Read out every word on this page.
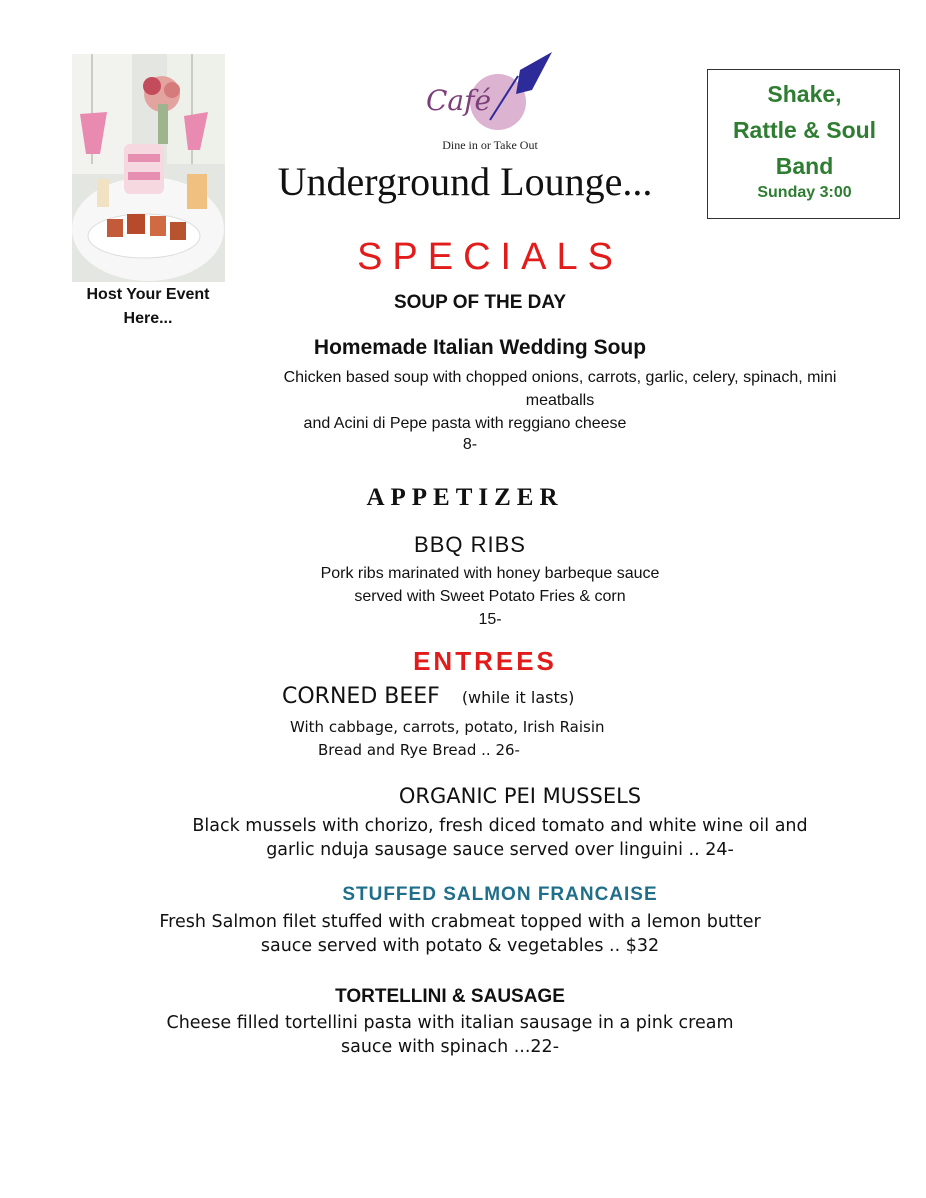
Host Your Event
Here...
Café
Dine in or Take Out
Underground Lounge...
Shake,
Rattle & Soul
Band
Sunday 3:00
SPECIALS
SOUP OF THE DAY
Homemade Italian Wedding Soup
Chicken based soup with chopped onions, carrots, garlic, celery, spinach, mini
meatballs
and Acini di Pepe pasta with reggiano cheese
8-
APPETIZER
BBQ RIBS
Pork ribs marinated with honey barbeque sauce
served with Sweet Potato Fries & corn
15-
ENTREES
CORNED BEEF (while it lasts)
With cabbage, carrots, potato, Irish Raisin
Bread and Rye Bread .. 26-
ORGANIC PEI MUSSELS
Black mussels with chorizo, fresh diced tomato and white wine oil and
garlic nduja sausage sauce served over linguini .. 24-
STUFFED SALMON FRANCAISE
Fresh Salmon filet stuffed with crabmeat topped with a lemon butter
sauce served with potato & vegetables .. $32
TORTELLINI & SAUSAGE
Cheese filled tortellini pasta with italian sausage in a pink cream
sauce with spinach ...22-
